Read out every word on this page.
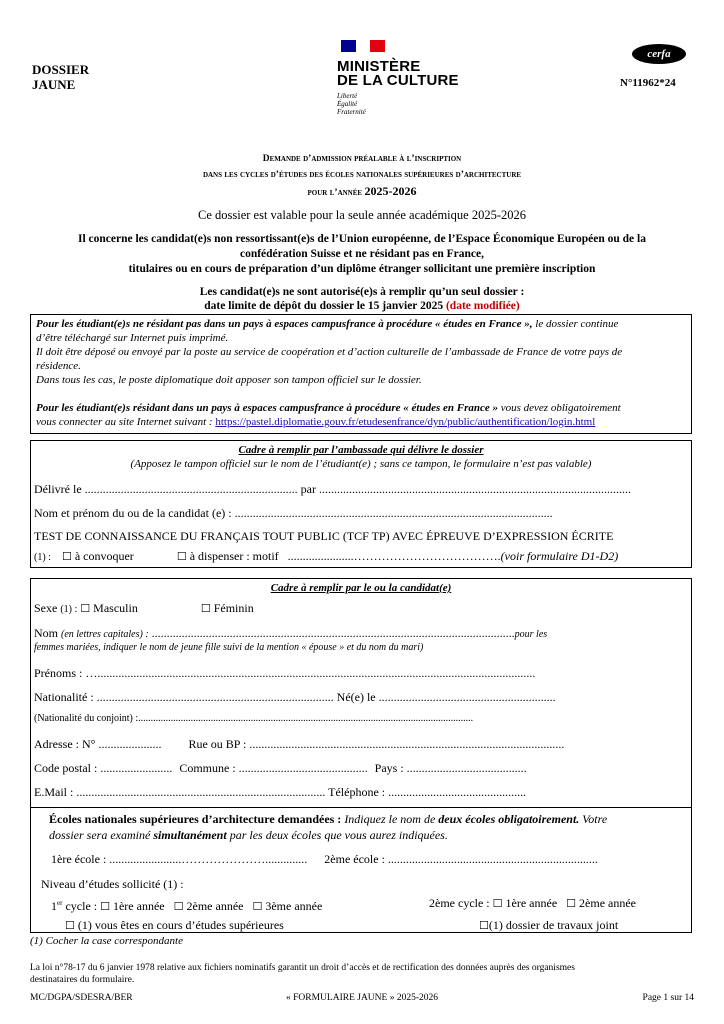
DOSSIER
JAUNE
MINISTÈRE
DE LA CULTURE
Liberté
Égalité
Fraternité
cerfa
N°11962*24
Demande d’admission préalable à l’inscription
dans les cycles d’études des écoles nationales supérieures d’architecture
pour l’année 2025-2026
Ce dossier est valable pour la seule année académique 2025-2026
Il concerne les candidat(e)s non ressortissant(e)s de l’Union européenne, de l’Espace Économique Européen ou de la
confédération Suisse et ne résidant pas en France,
titulaires ou en cours de préparation d’un diplôme étranger sollicitant une première inscription
Les candidat(e)s ne sont autorisé(e)s à remplir qu’un seul dossier :
date limite de dépôt du dossier le 15 janvier 2025 (date modifiée)
Pour les étudiant(e)s ne résidant pas dans un pays à espaces campusfrance à procédure « études en France », le dossier continue
d’être téléchargé sur Internet puis imprimé.
Il doit être déposé ou envoyé par la poste au service de coopération et d’action culturelle de l’ambassade de France de votre pays de
résidence.
Dans tous les cas, le poste diplomatique doit apposer son tampon officiel sur le dossier.
Pour les étudiant(e)s résidant dans un pays à espaces campusfrance à procédure « études en France » vous devez obligatoirement
vous connecter au site Internet suivant : https://pastel.diplomatie.gouv.fr/etudesenfrance/dyn/public/authentification/login.html
Cadre à remplir par l’ambassade qui délivre le dossier
(Apposez le tampon officiel sur le nom de l’étudiant(e) ; sans ce tampon, le formulaire n’est pas valable)
Délivré le ....................................................................... par ........................................................................................................
Nom et prénom du ou de la candidat (e) : ..........................................................................................................
TEST DE CONNAISSANCE DU FRANÇAIS TOUT PUBLIC (TCF TP) AVEC ÉPREUVE D’EXPRESSION ÉCRITE
(1) : ☐ à convoquer	☐ à dispenser : motif ......................……………………………….(voir formulaire D1-D2)
Cadre à remplir par le ou la candidat(e)
Sexe (1) : ☐ Masculin	☐ Féminin
Nom (en lettres capitales) : .........................................................................................................................pour les
femmes mariées, indiquer le nom de jeune fille suivi de la mention « épouse » et du nom du mari)
Prénoms : …..................................................................................................................................................
Nationalité : ............................................................................... Né(e) le ...........................................................
(Nationalité du conjoint) :......................................................................................................................................
Adresse : N° ..................... Rue ou BP : .........................................................................................................
Code postal : ........................ Commune : ........................................... Pays : ........................................
E.Mail : ................................................................................... Téléphone : ..............................................
Écoles nationales supérieures d’architecture demandées : Indiquez le nom de deux écoles obligatoirement. Votre
dossier sera examiné simultanément par les deux écoles que vous aurez indiquées.
1ère école : ........................………………….............. 2ème école : ......................................................................
Niveau d’études sollicité (1) :
1er cycle : ☐ 1ère année ☐ 2ème année ☐ 3ème année	2ème cycle : ☐ 1ère année ☐ 2ème année
☐ (1) vous êtes en cours d’études supérieures	☐(1) dossier de travaux joint
(1) Cocher la case correspondante
La loi n°78-17 du 6 janvier 1978 relative aux fichiers nominatifs garantit un droit d’accès et de rectification des données auprès des organismes
destinataires du formulaire.
MC/DGPA/SDESRA/BER	« FORMULAIRE JAUNE » 2025-2026	Page 1 sur 14
